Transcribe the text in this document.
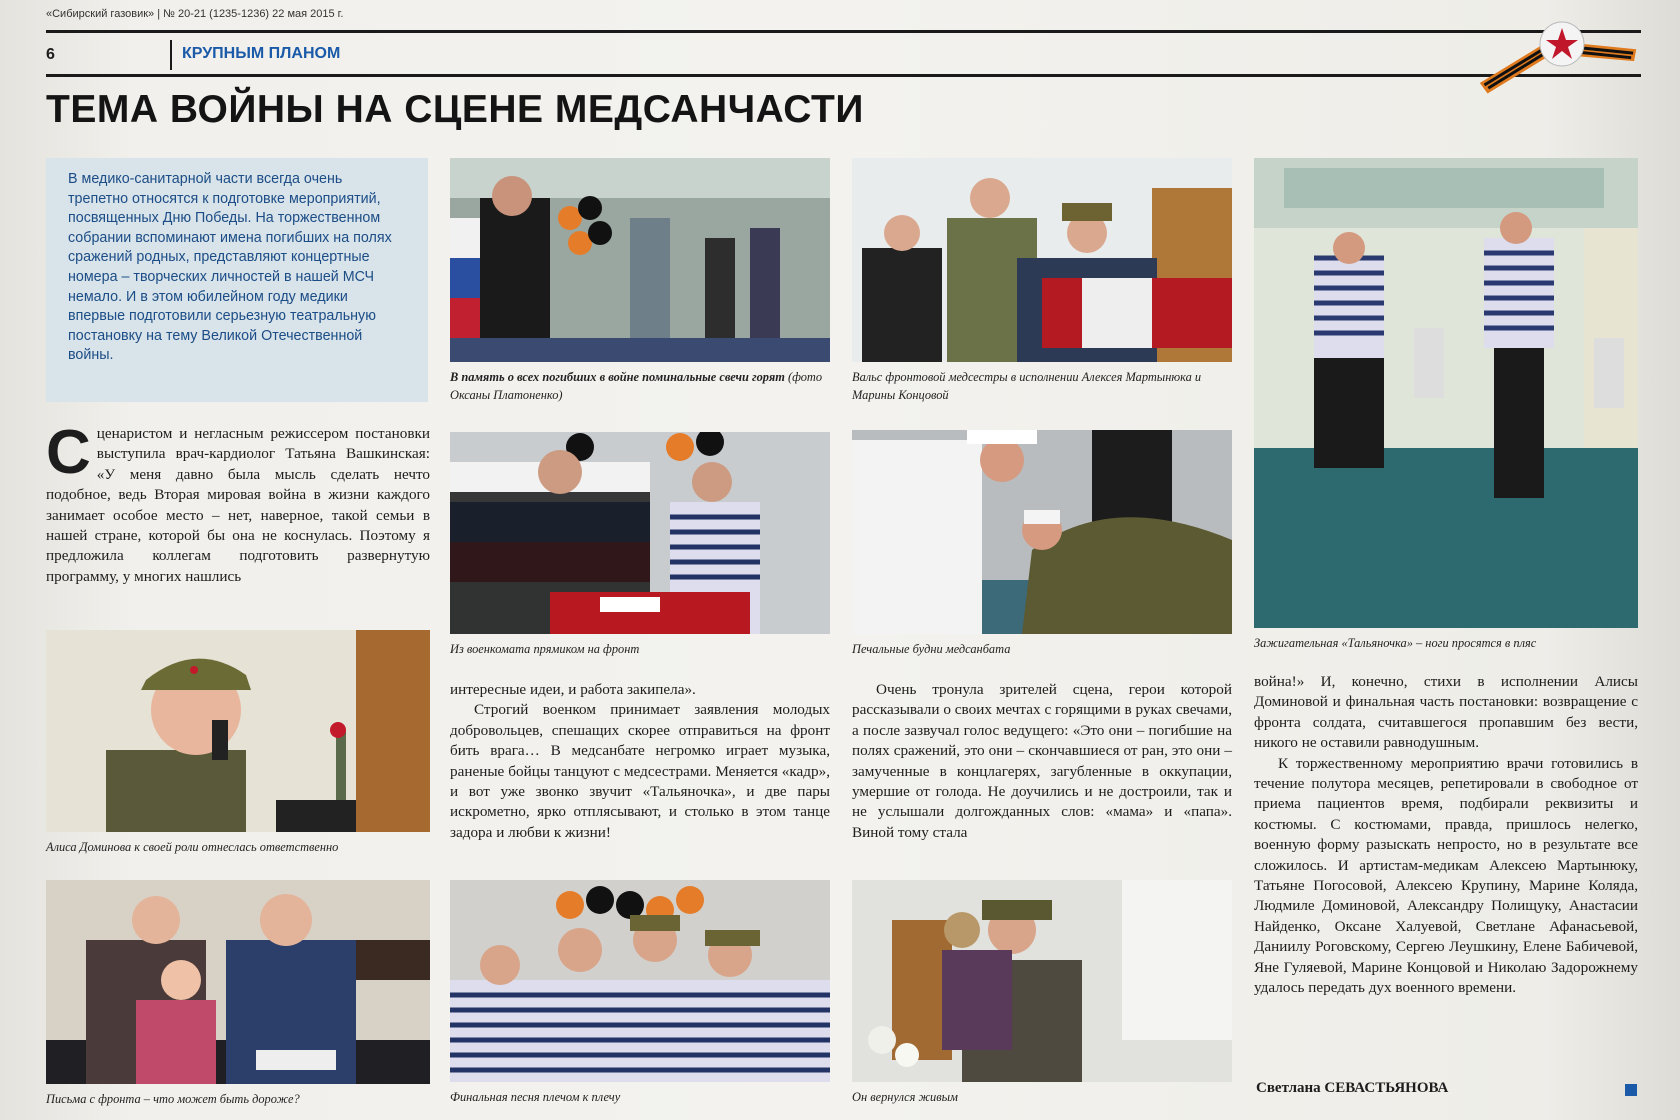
«Сибирский газовик» | № 20-21 (1235-1236) 22 мая 2015 г.
6	КРУПНЫМ ПЛАНОМ
ТЕМА ВОЙНЫ НА СЦЕНЕ МЕДСАНЧАСТИ
В медико-санитарной части всегда очень трепетно относятся к подготовке мероприятий, посвященных Дню Победы. На торжественном собрании вспоминают имена погибших на полях сражений родных, представляют концертные номера – творческих личностей в нашей МСЧ немало. И в этом юбилейном году медики впервые подготовили серьезную театральную постановку на тему Великой Отечественной войны.

Сценаристом и негласным режиссером постановки выступила врач-кардиолог Татьяна Вашкинская: «У меня давно была мысль сделать нечто подобное, ведь Вторая мировая война в жизни каждого занимает особое место – нет, наверное, такой семьи в нашей стране, которой бы она не коснулась. Поэтому я предложила коллегам подготовить развернутую программу, у многих нашлись

интересные идеи, и работа закипела».

Строгий военком принимает заявления молодых добровольцев, спешащих скорее отправиться на фронт бить врага… В медсанбате негромко играет музыка, раненые бойцы танцуют с медсестрами. Меняется «кадр», и вот уже звонко звучит «Тальяночка», и две пары искрометно, ярко отплясывают, и столько в этом танце задора и любви к жизни!

Очень тронула зрителей сцена, герои которой рассказывали о своих мечтах с горящими в руках свечами, а после зазвучал голос ведущего: «Это они – погибшие на полях сражений, это они – скончавшиеся от ран, это они – замученные в концлагерях, загубленные в оккупации, умершие от голода. Не доучились и не достроили, так и не услышали долгожданных слов: «мама» и «папа». Виной тому стала

война!» И, конечно, стихи в исполнении Алисы Доминовой и финальная часть постановки: возвращение с фронта солдата, считавшегося пропавшим без вести, никого не оставили равнодушным.

К торжественному мероприятию врачи готовились в течение полутора месяцев, репетировали в свободное от приема пациентов время, подбирали реквизиты и костюмы. С костюмами, правда, пришлось нелегко, военную форму разыскать непросто, но в результате все сложилось. И артистам-медикам Алексею Мартынюку, Татьяне Погосовой, Алексею Крупину, Марине Коляда, Людмиле Доминовой, Александру Полищуку, Анастасии Найденко, Оксане Халуевой, Светлане Афанасьевой, Даниилу Роговскому, Сергею Леушкину, Елене Бабичевой, Яне Гуляевой, Марине Концовой и Николаю Задорожнему удалось передать дух военного времени.

В память о всех погибших в войне поминальные свечи горят (фото Оксаны Платоненко)
Вальс фронтовой медсестры в исполнении Алексея Мартынюка и Марины Концовой
Зажигательная «Тальяночка» – ноги просятся в пляс
Из военкомата прямиком на фронт	Печальные будни медсанбата
Алиса Доминова к своей роли отнеслась ответственно
Письма с фронта – что может быть дороже?	Финальная песня плечом к плечу	Он вернулся живым
Светлана СЕВАСТЬЯНОВА
